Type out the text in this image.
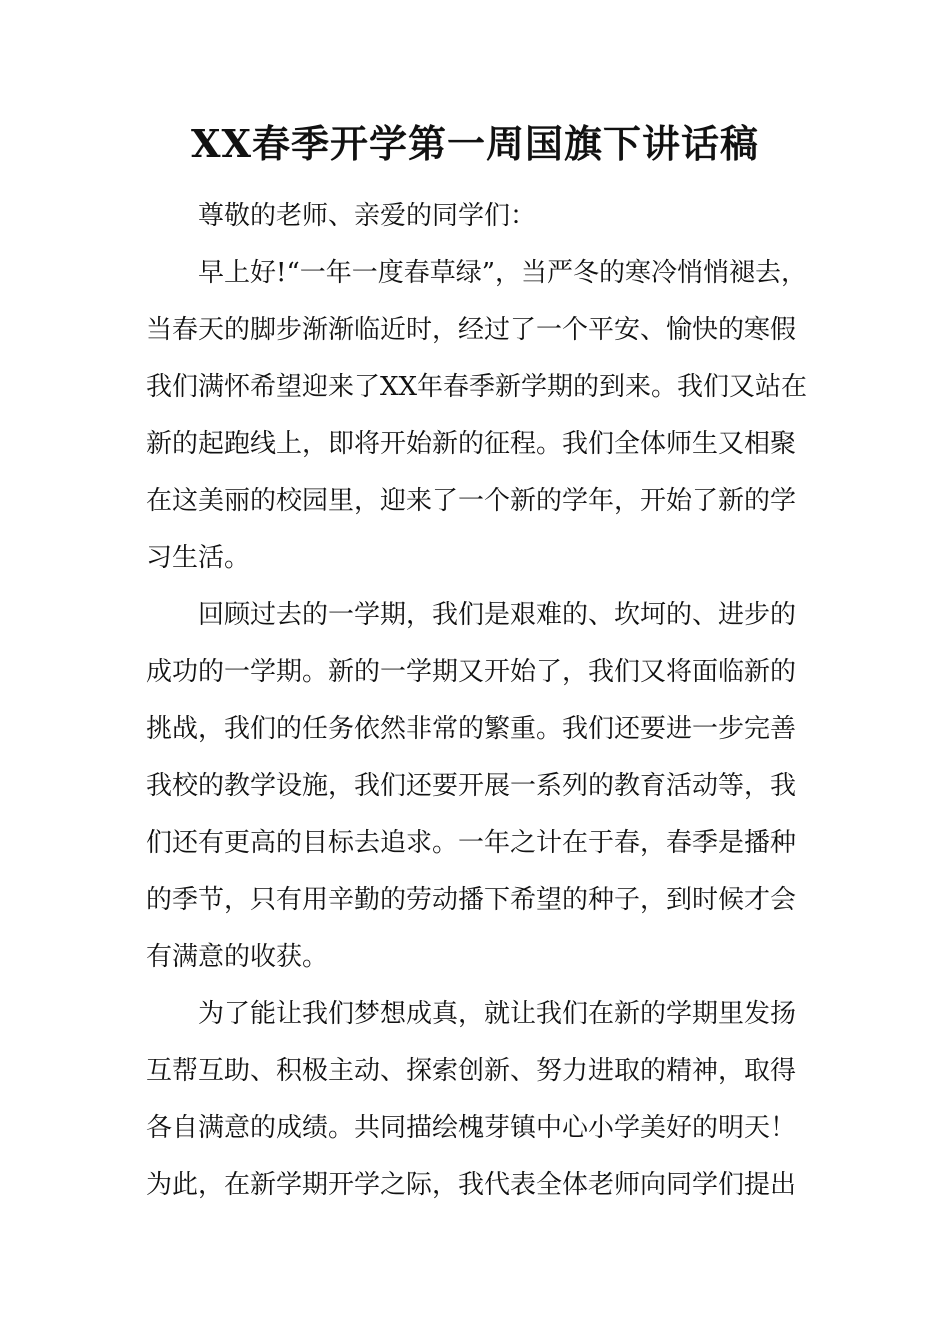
XX春季开学第一周国旗下讲话稿
尊敬的老师、亲爱的同学们：
早上好!“一年一度春草绿”，当严冬的寒冷悄悄褪去，
当春天的脚步渐渐临近时，经过了一个平安、愉快的寒假
我们满怀希望迎来了XX年春季新学期的到来。我们又站在
新的起跑线上，即将开始新的征程。我们全体师生又相聚
在这美丽的校园里，迎来了一个新的学年，开始了新的学
习生活。
回顾过去的一学期，我们是艰难的、坎坷的、进步的
成功的一学期。新的一学期又开始了，我们又将面临新的
挑战，我们的任务依然非常的繁重。我们还要进一步完善
我校的教学设施，我们还要开展一系列的教育活动等，我
们还有更高的目标去追求。一年之计在于春，春季是播种
的季节，只有用辛勤的劳动播下希望的种子，到时候才会
有满意的收获。
为了能让我们梦想成真，就让我们在新的学期里发扬
互帮互助、积极主动、探索创新、努力进取的精神，取得
各自满意的成绩。共同描绘槐芽镇中心小学美好的明天！
为此，在新学期开学之际，我代表全体老师向同学们提出
